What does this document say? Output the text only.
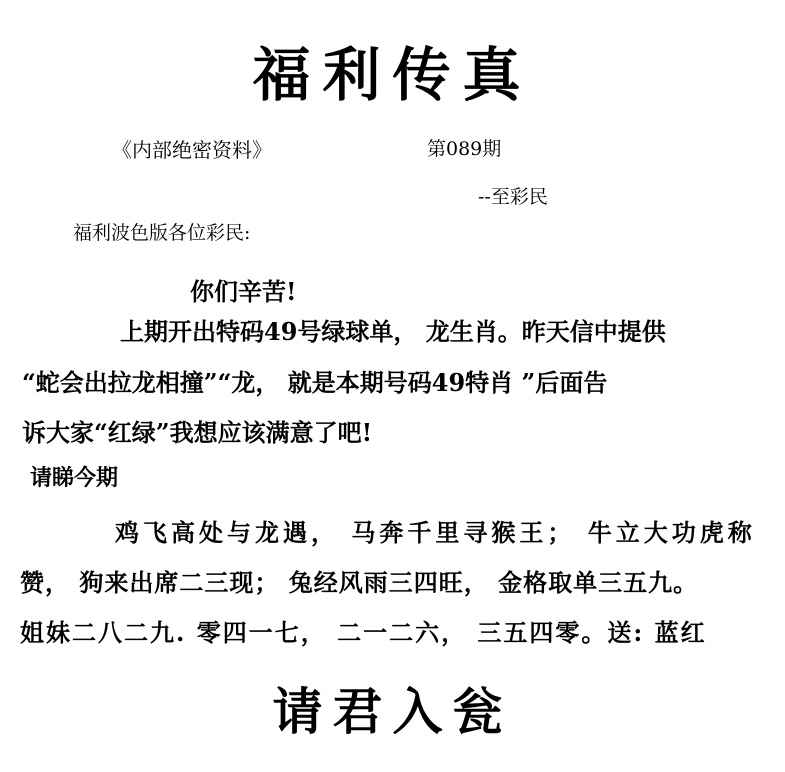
福利传真
《内部绝密资料》	第089期
--至彩民
福利波色版各位彩民:
你们辛苦!
上期开出特码49号绿球单， 龙生肖。昨天信中提供
“蛇会出拉龙相撞”“龙， 就是本期号码49特肖 ”后面告
诉大家“红绿”我想应该满意了吧!
请睇今期
鸡飞高处与龙遇， 马奔千里寻猴王； 牛立大功虎称
赞， 狗来出席二三现； 兔经风雨三四旺， 金格取单三五九。
姐妹二八二九. 零四一七， 二一二六， 三五四零。送: 蓝红
请君入瓮
